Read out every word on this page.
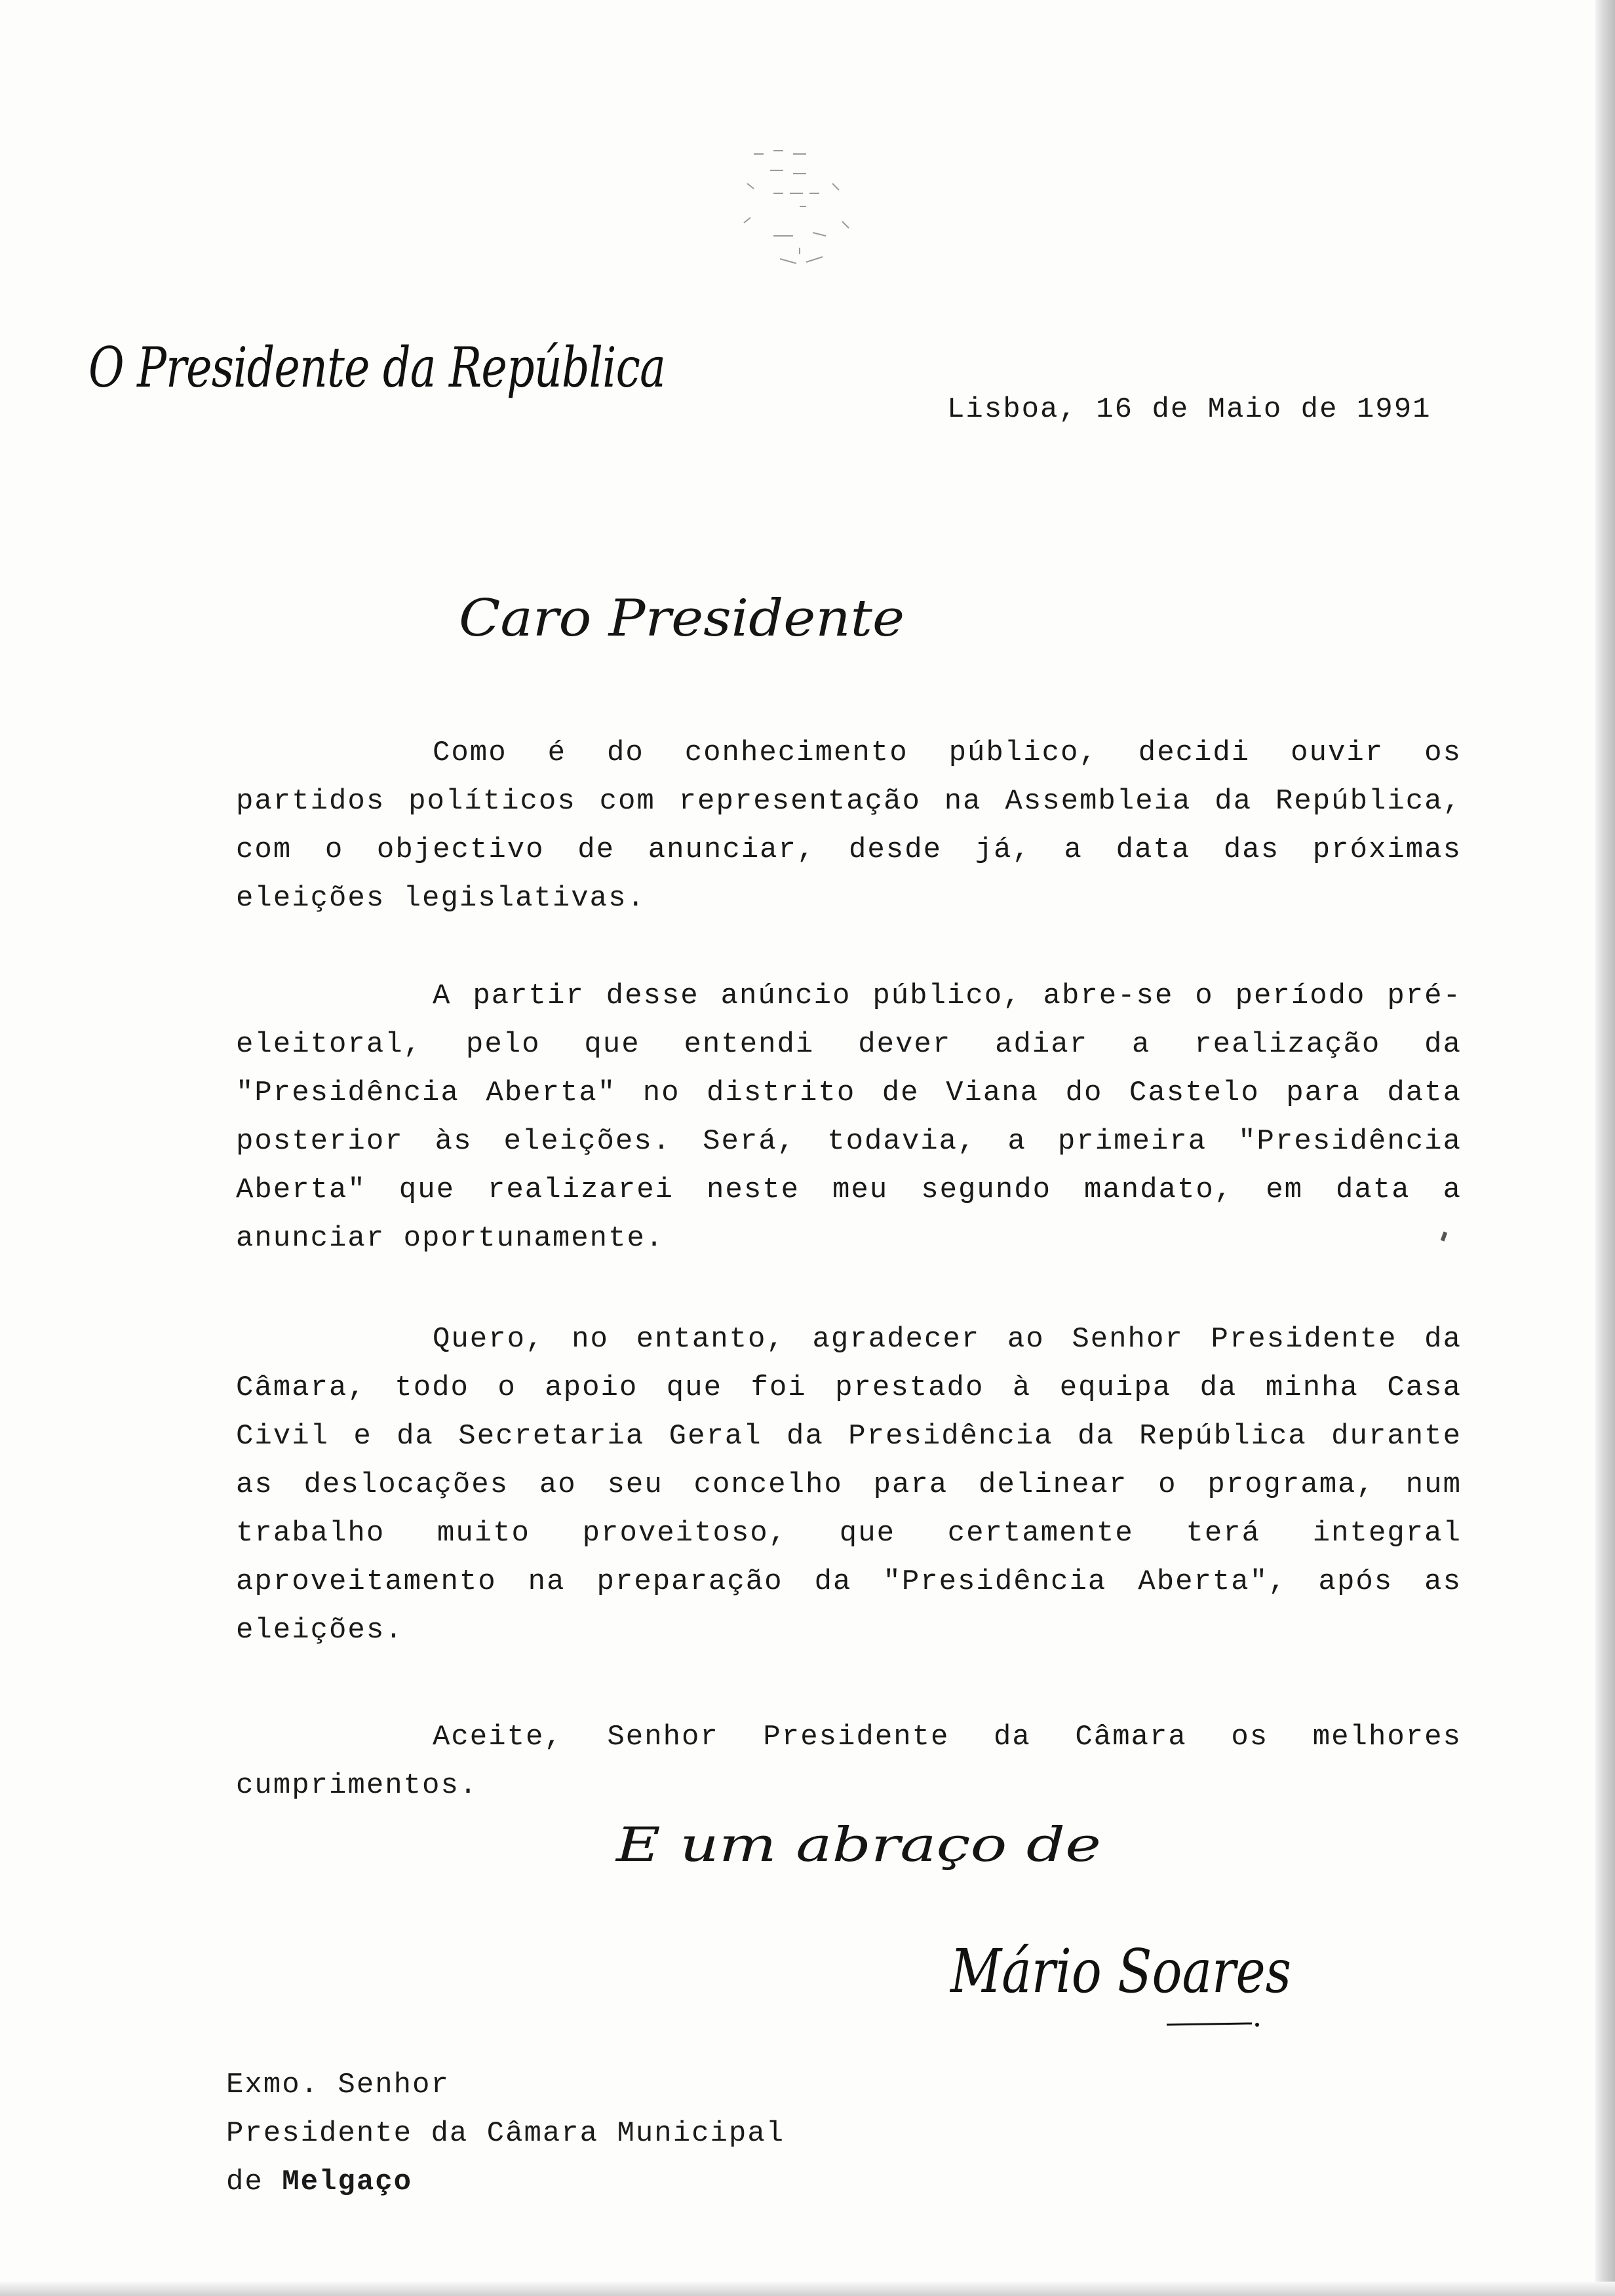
O Presidente da República
Lisboa, 16 de Maio de 1991
Caro Presidente

Como é do conhecimento público, decidi ouvir os partidos políticos com representação na Assembleia da República, com o objectivo de anunciar, desde já, a data das próximas eleições legislativas.

A partir desse anúncio público, abre-se o período pré-eleitoral, pelo que entendi dever adiar a realização da "Presidência Aberta" no distrito de Viana do Castelo para data posterior às eleições. Será, todavia, a primeira "Presidência Aberta" que realizarei neste meu segundo mandato, em data a anunciar oportunamente.

Quero, no entanto, agradecer ao Senhor Presidente da Câmara, todo o apoio que foi prestado à equipa da minha Casa Civil e da Secretaria Geral da Presidência da República durante as deslocações ao seu concelho para delinear o programa, num trabalho muito proveitoso, que certamente terá integral aproveitamento na preparação da "Presidência Aberta", após as eleições.

Aceite, Senhor Presidente da Câmara os melhores cumprimentos.

E um abraço de
Mário Soares
Exmo. Senhor
Presidente da Câmara Municipal
de Melgaço
